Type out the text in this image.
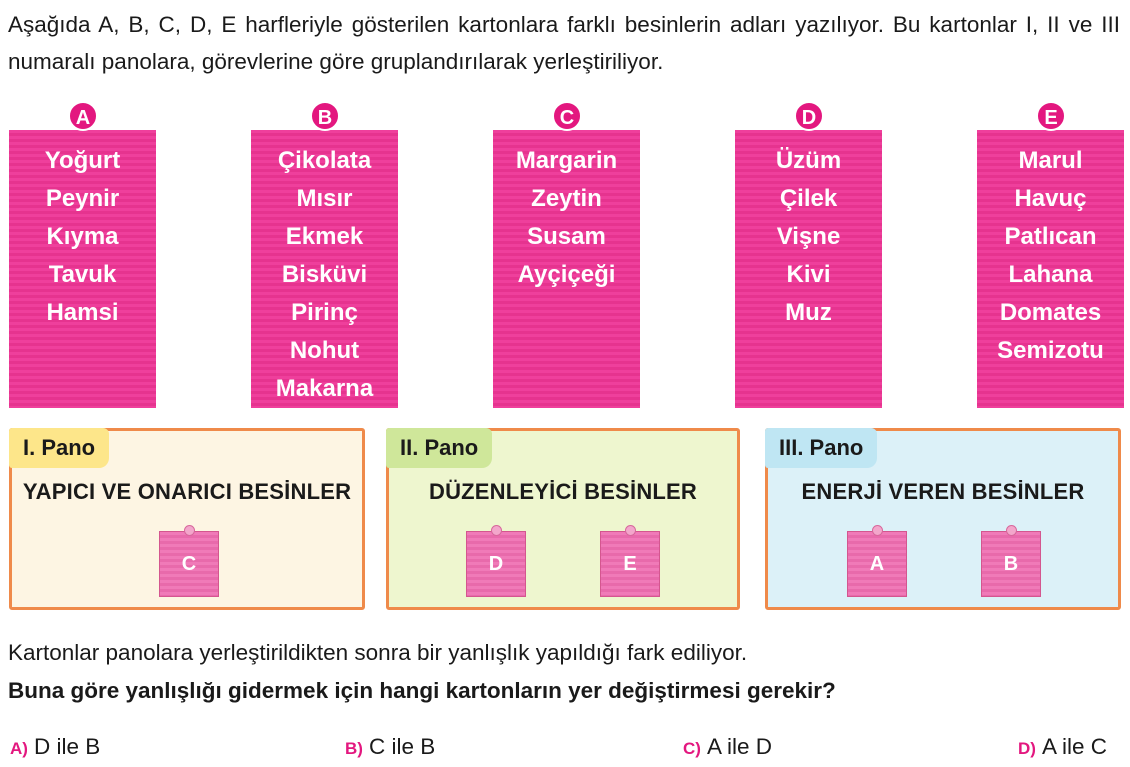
Aşağıda A, B, C, D, E harfleriyle gösterilen kartonlara farklı besinlerin adları yazılıyor. Bu kartonlar I, II ve III numaralı panolara, görevlerine göre gruplandırılarak yerleştiriliyor.

A	B	C	D	E
Yoğurt
Peynir
Kıyma
Tavuk
Hamsi
Çikolata
Mısır
Ekmek
Bisküvi
Pirinç
Nohut
Makarna
Margarin
Zeytin
Susam
Ayçiçeği
Üzüm
Çilek
Vişne
Kivi
Muz
Marul
Havuç
Patlıcan
Lahana
Domates
Semizotu
I. Pano
YAPICI VE ONARICI BESİNLER
C
II. Pano
DÜZENLEYİCİ BESİNLER
D	E
III. Pano
ENERJİ VEREN BESİNLER
A	B

Kartonlar panolara yerleştirildikten sonra bir yanlışlık yapıldığı fark ediliyor.

Buna göre yanlışlığı gidermek için hangi kartonların yer değiştirmesi gerekir?

A) D ile B	B) C ile B	C) A ile D	D) A ile C
